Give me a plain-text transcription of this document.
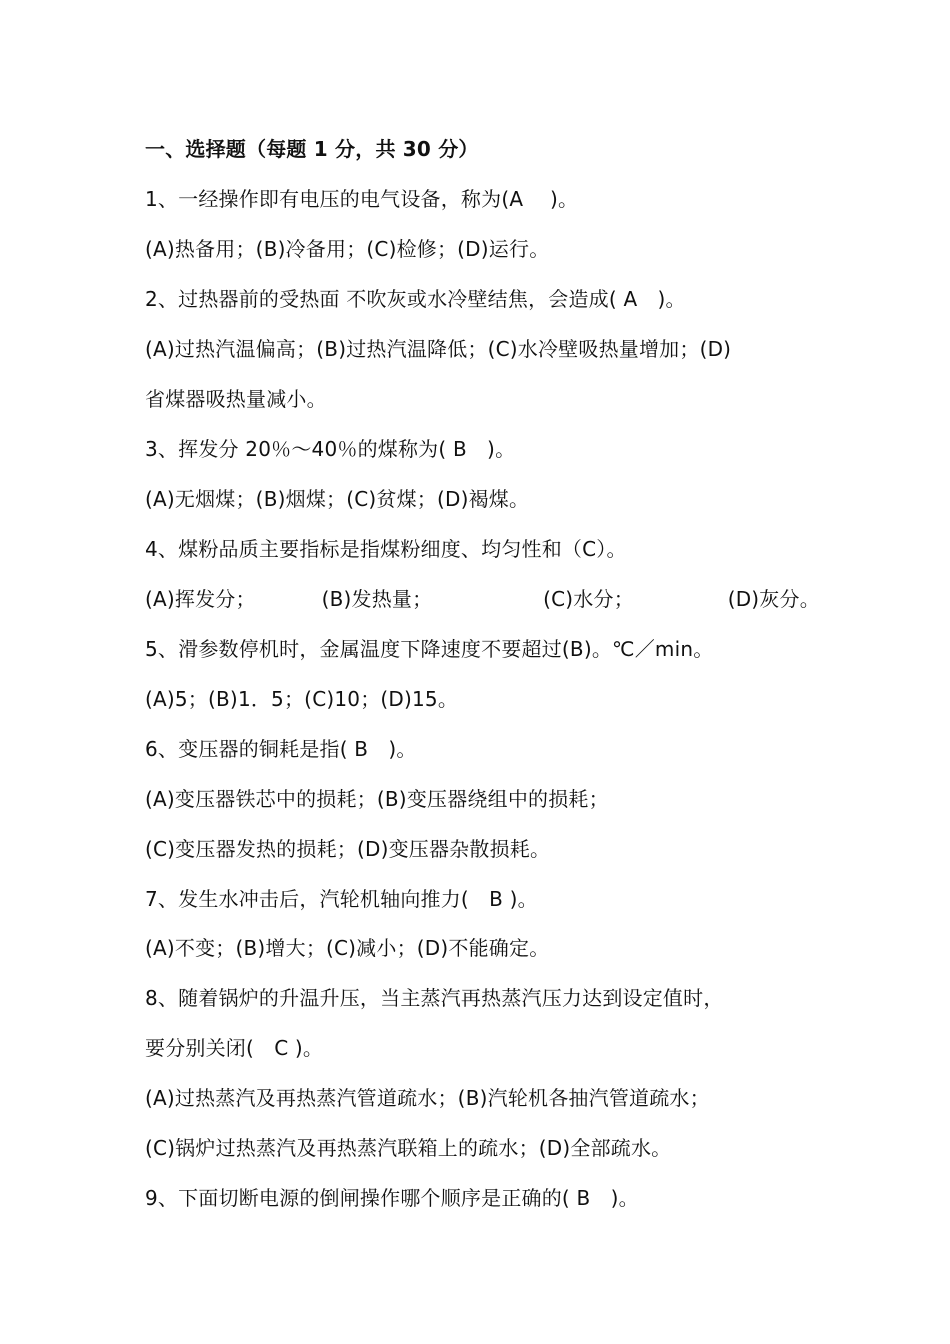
一、选择题（每题 1 分，共 30 分）
1、一经操作即有电压的电气设备，称为(A　 )。
(A)热备用；(B)冷备用；(C)检修；(D)运行。
2、过热器前的受热面 不吹灰或水冷壁结焦，会造成( A　)。
(A)过热汽温偏高；(B)过热汽温降低；(C)水冷壁吸热量增加；(D)
省煤器吸热量减小。
3、挥发分 20％～40％的煤称为( B　)。
(A)无烟煤；(B)烟煤；(C)贫煤；(D)褐煤。
4、煤粉品质主要指标是指煤粉细度、均匀性和（C）。
(A)挥发分；	(B)发热量；	(C)水分；	(D)灰分。
5、滑参数停机时，金属温度下降速度不要超过(B)。℃／min。
(A)5；(B)1．5；(C)10；(D)15。
6、变压器的铜耗是指( B　)。
(A)变压器铁芯中的损耗；(B)变压器绕组中的损耗；
(C)变压器发热的损耗；(D)变压器杂散损耗。
7、发生水冲击后，汽轮机轴向推力(　B )。
(A)不变；(B)增大；(C)减小；(D)不能确定。
8、随着锅炉的升温升压，当主蒸汽再热蒸汽压力达到设定值时，
要分别关闭(　C )。
(A)过热蒸汽及再热蒸汽管道疏水；(B)汽轮机各抽汽管道疏水；
(C)锅炉过热蒸汽及再热蒸汽联箱上的疏水；(D)全部疏水。
9、下面切断电源的倒闸操作哪个顺序是正确的( B　)。
